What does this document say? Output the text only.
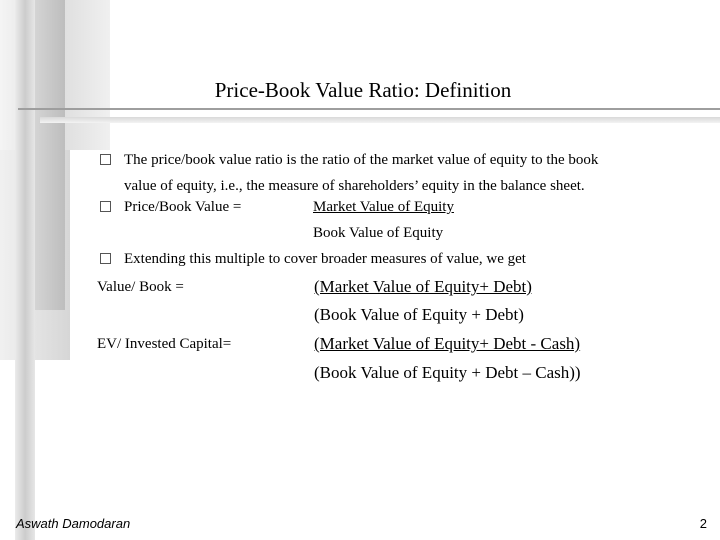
Price-Book Value Ratio: Definition
The price/book value ratio is the ratio of the market value of equity to the book
value of equity, i.e., the measure of shareholders’ equity in the balance sheet.
Price/Book Value =	Market Value of Equity
Book Value of Equity
Extending this multiple to cover broader measures of value, we get
Value/ Book =	(Market Value of Equity+ Debt)
(Book Value of Equity + Debt)
EV/ Invested Capital=	(Market Value of Equity+ Debt - Cash)
(Book Value of Equity + Debt – Cash))
Aswath Damodaran	2
